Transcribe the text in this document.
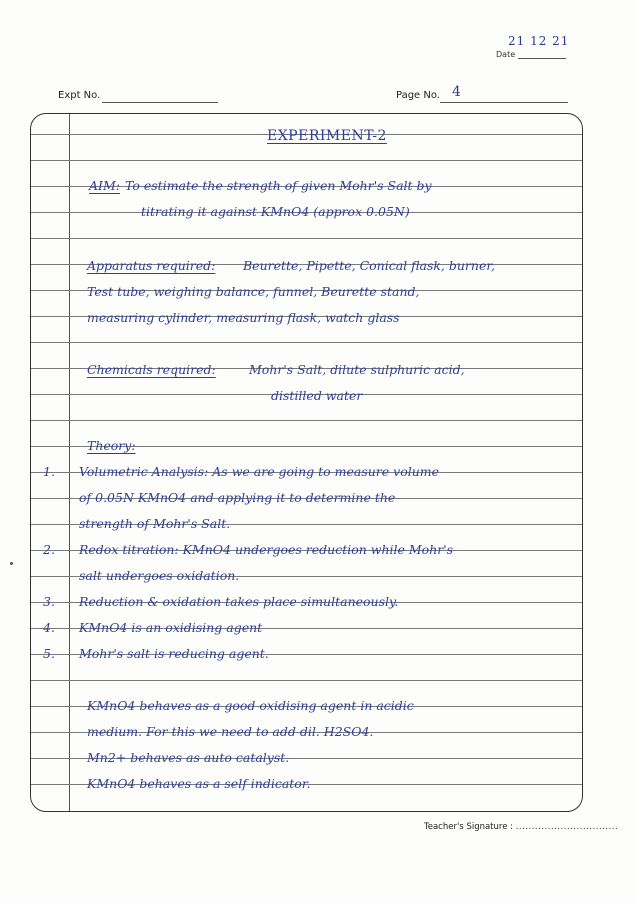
21 12 21
Date
Expt No.	Page No. 4
EXPERIMENT-2
AIM: To estimate the strength of given Mohr's Salt by
titrating it against KMnO4 (approx 0.05N)
Apparatus required: Beurette, Pipette, Conical flask, burner,
Test tube, weighing balance, funnel, Beurette stand,
measuring cylinder, measuring flask, watch glass
Chemicals required:	Mohr's Salt, dilute sulphuric acid,
distilled water
Theory:
1. Volumetric Analysis: As we are going to measure volume
of 0.05N KMnO4 and applying it to determine the
strength of Mohr's Salt.
2. Redox titration: KMnO4 undergoes reduction while Mohr's
salt undergoes oxidation.
3. Reduction & oxidation takes place simultaneously.
4. KMnO4 is an oxidising agent
5. Mohr's salt is reducing agent.
KMnO4 behaves as a good oxidising agent in acidic
medium. For this we need to add dil. H2SO4.
Mn2+ behaves as auto catalyst.
KMnO4 behaves as a self indicator.
Teacher's Signature : ................................
